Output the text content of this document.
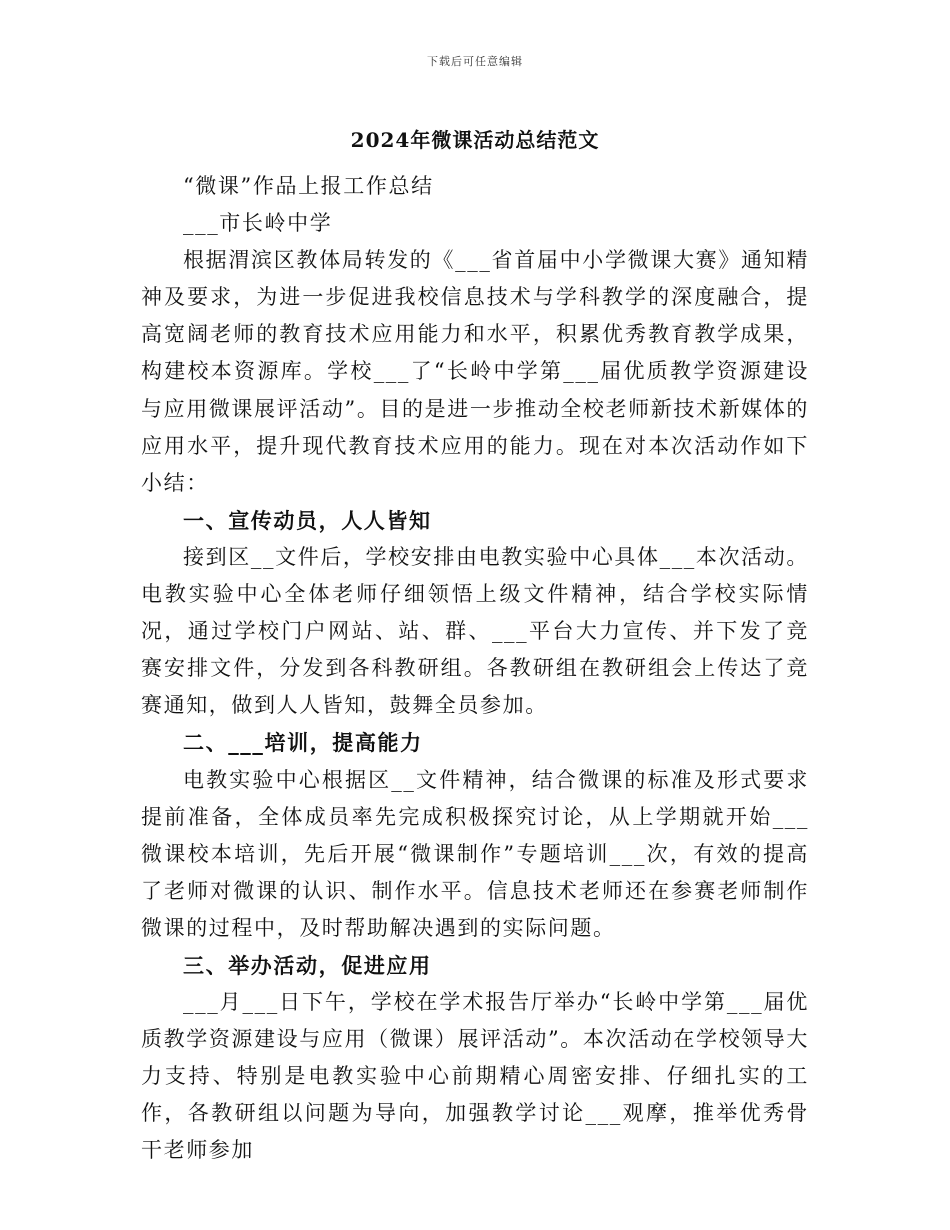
下载后可任意编辑
2024年微课活动总结范文

“微课”作品上报工作总结

___市长岭中学

根据渭滨区教体局转发的《___省首届中小学微课大赛》通知精神及要求，为进一步促进我校信息技术与学科教学的深度融合，提高宽阔老师的教育技术应用能力和水平，积累优秀教育教学成果，构建校本资源库。学校___了“长岭中学第___届优质教学资源建设与应用微课展评活动”。目的是进一步推动全校老师新技术新媒体的应用水平，提升现代教育技术应用的能力。现在对本次活动作如下小结：

一、宣传动员，人人皆知

接到区__文件后，学校安排由电教实验中心具体___本次活动。电教实验中心全体老师仔细领悟上级文件精神，结合学校实际情况，通过学校门户网站、站、群、___平台大力宣传、并下发了竞赛安排文件，分发到各科教研组。各教研组在教研组会上传达了竞赛通知，做到人人皆知，鼓舞全员参加。

二、___培训，提高能力

电教实验中心根据区__文件精神，结合微课的标准及形式要求提前准备，全体成员率先完成积极探究讨论，从上学期就开始___微课校本培训，先后开展“微课制作”专题培训___次，有效的提高了老师对微课的认识、制作水平。信息技术老师还在参赛老师制作微课的过程中，及时帮助解决遇到的实际问题。

三、举办活动，促进应用

___月___日下午，学校在学术报告厅举办“长岭中学第___届优质教学资源建设与应用（微课）展评活动”。本次活动在学校领导大力支持、特别是电教实验中心前期精心周密安排、仔细扎实的工作，各教研组以问题为导向，加强教学讨论___观摩，推举优秀骨干老师参加
